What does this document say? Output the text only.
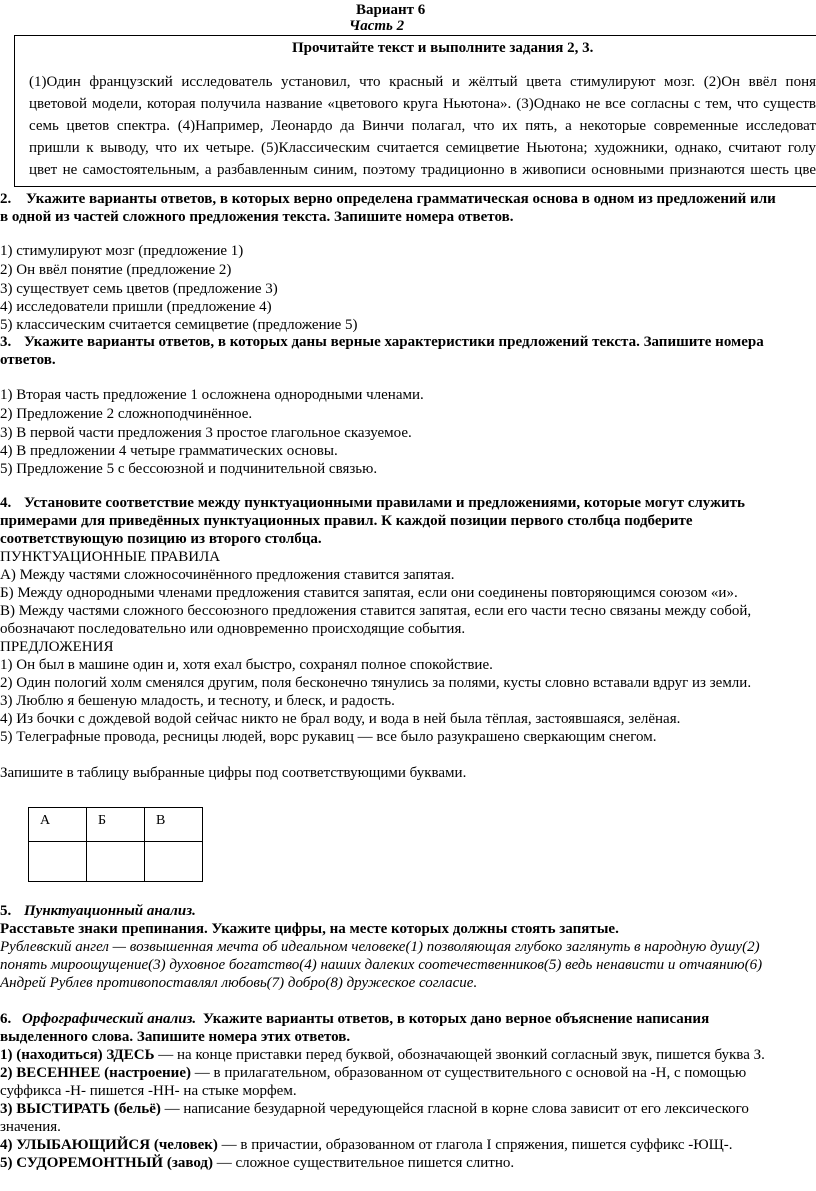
Вариант 6
Часть 2
Прочитайте текст и выполните задания 2, 3.
(1)Один французский исследователь установил, что красный и жёлтый цвета стимулируют мозг. (2)Он ввёл поня
цветовой модели, которая получила название «цветового круга Ньютона». (3)Однако не все согласны с тем, что существ
семь цветов спектра. (4)Например, Леонардо да Винчи полагал, что их пять, а некоторые современные исследоват
пришли к выводу, что их четыре. (5)Классическим считается семицветие Ньютона; художники, однако, считают голу
цвет не самостоятельным, а разбавленным синим, поэтому традиционно в живописи основными признаются шесть цве
2. Укажите варианты ответов, в которых верно определена грамматическая основа в одном из предложений или
в одной из частей сложного предложения текста. Запишите номера ответов.
1) стимулируют мозг (предложение 1)
2) Он ввёл понятие (предложение 2)
3) существует семь цветов (предложение 3)
4) исследователи пришли (предложение 4)
5) классическим считается семицветие (предложение 5)
3. Укажите варианты ответов, в которых даны верные характеристики предложений текста. Запишите номера
ответов.
1) Вторая часть предложение 1 осложнена однородными членами.
2) Предложение 2 сложноподчинённое.
3) В первой части предложения 3 простое глагольное сказуемое.
4) В предложении 4 четыре грамматических основы.
5) Предложение 5 с бессоюзной и подчинительной связью.
4. Установите соответствие между пунктуационными правилами и предложениями, которые могут служить
примерами для приведённых пунктуационных правил. К каждой позиции первого столбца подберите
соответствующую позицию из второго столбца.
ПУНКТУАЦИОННЫЕ ПРАВИЛА
А) Между частями сложносочинённого предложения ставится запятая.
Б) Между однородными членами предложения ставится запятая, если они соединены повторяющимся союзом «и».
В) Между частями сложного бессоюзного предложения ставится запятая, если его части тесно связаны между собой,
обозначают последовательно или одновременно происходящие события.
ПРЕДЛОЖЕНИЯ
1) Он был в машине один и, хотя ехал быстро, сохранял полное спокойствие.
2) Один пологий холм сменялся другим, поля бесконечно тянулись за полями, кусты словно вставали вдруг из земли.
3) Люблю я бешеную младость, и тесноту, и блеск, и радость.
4) Из бочки с дождевой водой сейчас никто не брал воду, и вода в ней была тёплая, застоявшаяся, зелёная.
5) Телеграфные провода, ресницы людей, ворс рукавиц — все было разукрашено сверкающим снегом.
Запишите в таблицу выбранные цифры под соответствующими буквами.
А	Б	В

5. Пунктуационный анализ.
Расставьте знаки препинания. Укажите цифры, на месте которых должны стоять запятые.
Рублевский ангел — возвышенная мечта об идеальном человеке(1) позволяющая глубоко заглянуть в народную душу(2)
понять мироощущение(3) духовное богатство(4) наших далеких соотечественников(5) ведь ненависти и отчаянию(6)
Андрей Рублев противопоставлял любовь(7) добро(8) дружеское согласие.
6. Орфографический анализ. Укажите варианты ответов, в которых дано верное объяснение написания
выделенного слова. Запишите номера этих ответов.
1) (находиться) ЗДЕСЬ — на конце приставки перед буквой, обозначающей звонкий согласный звук, пишется буква З.
2) ВЕСЕННЕЕ (настроение) — в прилагательном, образованном от существительного с основой на -Н, с помощью
суффикса -Н- пишется -НН- на стыке морфем.
3) ВЫСТИРАТЬ (бельё) — написание безударной чередующейся гласной в корне слова зависит от его лексического
значения.
4) УЛЫБАЮЩИЙСЯ (человек) — в причастии, образованном от глагола I спряжения, пишется суффикс -ЮЩ-.
5) СУДОРЕМОНТНЫЙ (завод) — сложное существительное пишется слитно.
